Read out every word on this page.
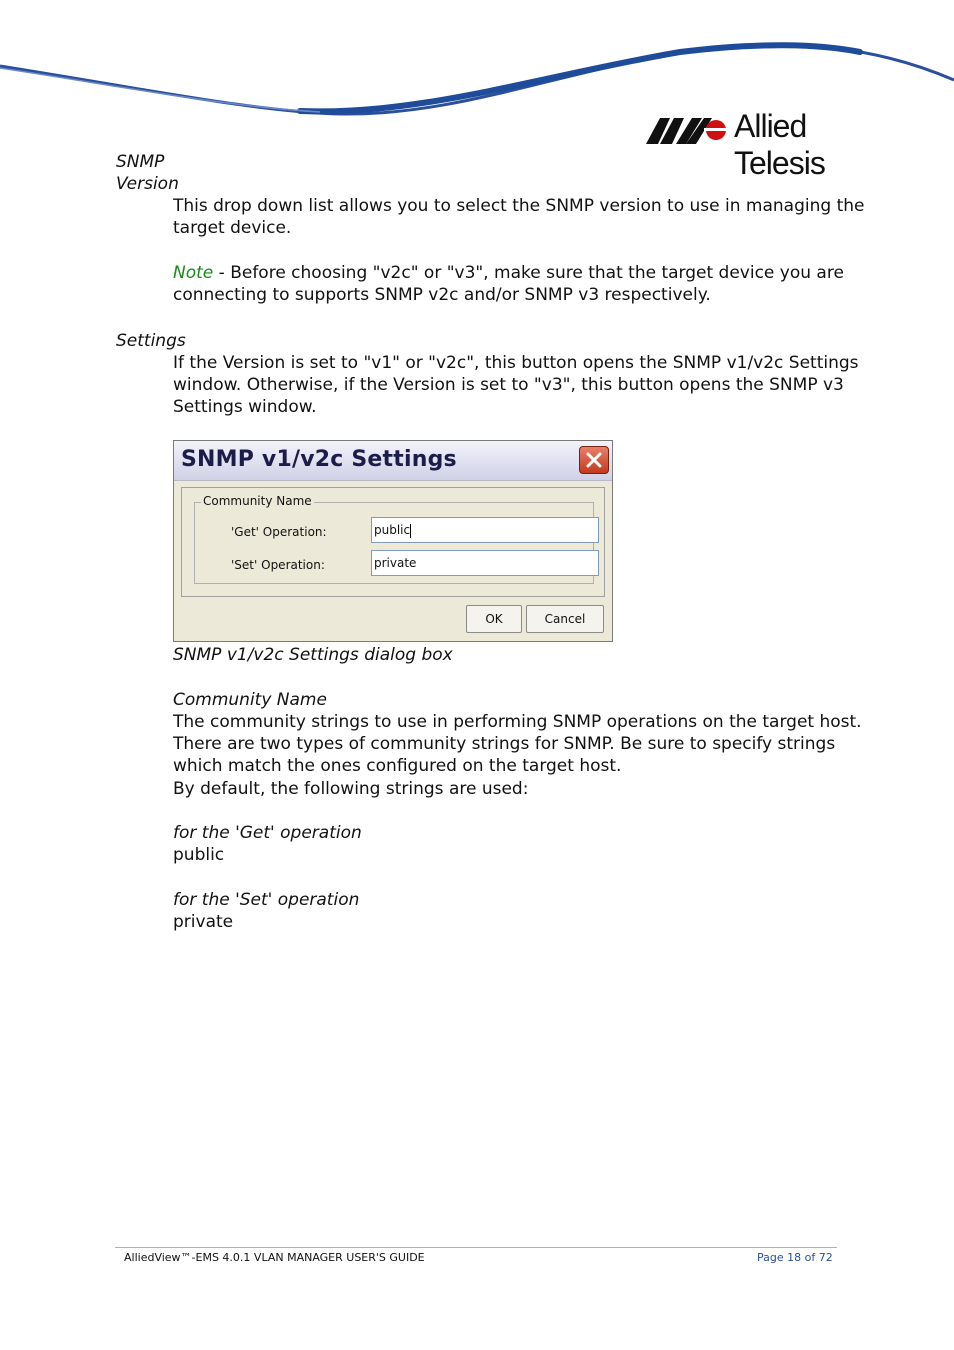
Allied Telesis
SNMP
Version
This drop down list allows you to select the SNMP version to use in managing the
target device.
Note - Before choosing "v2c" or "v3", make sure that the target device you are
connecting to supports SNMP v2c and/or SNMP v3 respectively.
Settings
If the Version is set to "v1" or "v2c", this button opens the SNMP v1/v2c Settings
window. Otherwise, if the Version is set to "v3", this button opens the SNMP v3
Settings window.
SNMP v1/v2c Settings
Community Name
'Get' Operation:	public
'Set' Operation:	private
OK	Cancel
SNMP v1/v2c Settings dialog box
Community Name
The community strings to use in performing SNMP operations on the target host.
There are two types of community strings for SNMP. Be sure to specify strings
which match the ones configured on the target host.
By default, the following strings are used:
for the 'Get' operation
public
for the 'Set' operation
private
AlliedView™-EMS 4.0.1 VLAN MANAGER USER'S GUIDE	Page 18 of 72
